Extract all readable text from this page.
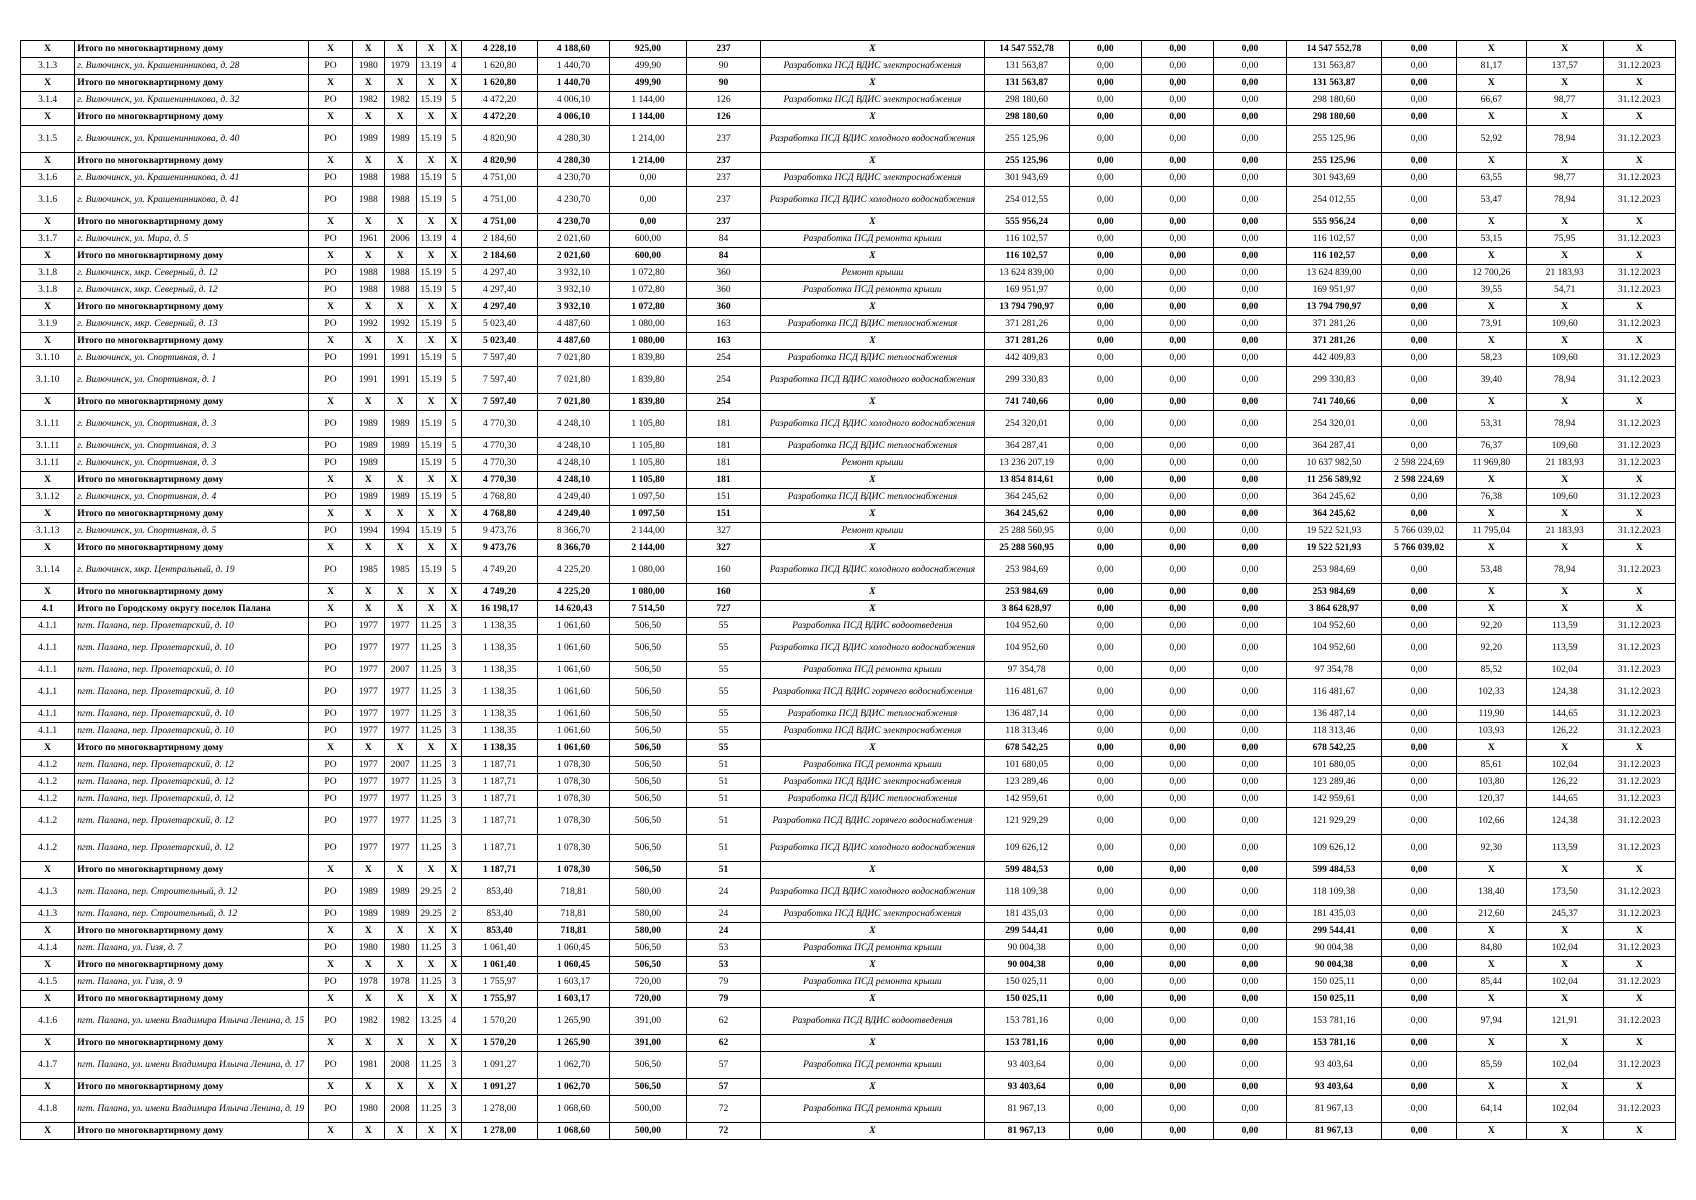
X	Итого по многоквартирному дому	X	X	X	X	X	4 228,10	4 188,60	925,00	237	X	14 547 552,78	0,00	0,00	0,00	14 547 552,78	0,00	X	X	X
3.1.3	г. Вилючинск, ул. Крашенинникова, д. 28	РО	1980	1979	13.19	4	1 620,80	1 440,70	499,90	90	Разработка ПСД ВДИС электроснабжения	131 563,87	0,00	0,00	0,00	131 563,87	0,00	81,17	137,57	31.12.2023
X	Итого по многоквартирному дому	X	X	X	X	X	1 620,80	1 440,70	499,90	90	X	131 563,87	0,00	0,00	0,00	131 563,87	0,00	X	X	X
3.1.4	г. Вилючинск, ул. Крашенинникова, д. 32	РО	1982	1982	15.19	5	4 472,20	4 006,10	1 144,00	126	Разработка ПСД ВДИС электроснабжения	298 180,60	0,00	0,00	0,00	298 180,60	0,00	66,67	98,77	31.12.2023
X	Итого по многоквартирному дому	X	X	X	X	X	4 472,20	4 006,10	1 144,00	126	X	298 180,60	0,00	0,00	0,00	298 180,60	0,00	X	X	X
3.1.5	г. Вилючинск, ул. Крашенинникова, д. 40	РО	1989	1989	15.19	5	4 820,90	4 280,30	1 214,00	237	Разработка ПСД ВДИС холодного водоснабжения	255 125,96	0,00	0,00	0,00	255 125,96	0,00	52,92	78,94	31.12.2023
X	Итого по многоквартирному дому	X	X	X	X	X	4 820,90	4 280,30	1 214,00	237	X	255 125,96	0,00	0,00	0,00	255 125,96	0,00	X	X	X
3.1.6	г. Вилючинск, ул. Крашенинникова, д. 41	РО	1988	1988	15.19	5	4 751,00	4 230,70	0,00	237	Разработка ПСД ВДИС электроснабжения	301 943,69	0,00	0,00	0,00	301 943,69	0,00	63,55	98,77	31.12.2023
3.1.6	г. Вилючинск, ул. Крашенинникова, д. 41	РО	1988	1988	15.19	5	4 751,00	4 230,70	0,00	237	Разработка ПСД ВДИС холодного водоснабжения	254 012,55	0,00	0,00	0,00	254 012,55	0,00	53,47	78,94	31.12.2023
X	Итого по многоквартирному дому	X	X	X	X	X	4 751,00	4 230,70	0,00	237	X	555 956,24	0,00	0,00	0,00	555 956,24	0,00	X	X	X
3.1.7	г. Вилючинск, ул. Мира, д. 5	РО	1961	2006	13.19	4	2 184,60	2 021,60	600,00	84	Разработка ПСД ремонта крыши	116 102,57	0,00	0,00	0,00	116 102,57	0,00	53,15	75,95	31.12.2023
X	Итого по многоквартирному дому	X	X	X	X	X	2 184,60	2 021,60	600,00	84	X	116 102,57	0,00	0,00	0,00	116 102,57	0,00	X	X	X
3.1.8	г. Вилючинск, мкр. Северный, д. 12	РО	1988	1988	15.19	5	4 297,40	3 932,10	1 072,80	360	Ремонт крыши	13 624 839,00	0,00	0,00	0,00	13 624 839,00	0,00	12 700,26	21 183,93	31.12.2023
3.1.8	г. Вилючинск, мкр. Северный, д. 12	РО	1988	1988	15.19	5	4 297,40	3 932,10	1 072,80	360	Разработка ПСД ремонта крыши	169 951,97	0,00	0,00	0,00	169 951,97	0,00	39,55	54,71	31.12.2023
X	Итого по многоквартирному дому	X	X	X	X	X	4 297,40	3 932,10	1 072,80	360	X	13 794 790,97	0,00	0,00	0,00	13 794 790,97	0,00	X	X	X
3.1.9	г. Вилючинск, мкр. Северный, д. 13	РО	1992	1992	15.19	5	5 023,40	4 487,60	1 080,00	163	Разработка ПСД ВДИС теплоснабжения	371 281,26	0,00	0,00	0,00	371 281,26	0,00	73,91	109,60	31.12.2023
X	Итого по многоквартирному дому	X	X	X	X	X	5 023,40	4 487,60	1 080,00	163	X	371 281,26	0,00	0,00	0,00	371 281,26	0,00	X	X	X
3.1.10	г. Вилючинск, ул. Спортивная, д. 1	РО	1991	1991	15.19	5	7 597,40	7 021,80	1 839,80	254	Разработка ПСД ВДИС теплоснабжения	442 409,83	0,00	0,00	0,00	442 409,83	0,00	58,23	109,60	31.12.2023
3.1.10	г. Вилючинск, ул. Спортивная, д. 1	РО	1991	1991	15.19	5	7 597,40	7 021,80	1 839,80	254	Разработка ПСД ВДИС холодного водоснабжения	299 330,83	0,00	0,00	0,00	299 330,83	0,00	39,40	78,94	31.12.2023
X	Итого по многоквартирному дому	X	X	X	X	X	7 597,40	7 021,80	1 839,80	254	X	741 740,66	0,00	0,00	0,00	741 740,66	0,00	X	X	X
3.1.11	г. Вилючинск, ул. Спортивная, д. 3	РО	1989	1989	15.19	5	4 770,30	4 248,10	1 105,80	181	Разработка ПСД ВДИС холодного водоснабжения	254 320,01	0,00	0,00	0,00	254 320,01	0,00	53,31	78,94	31.12.2023
3.1.11	г. Вилючинск, ул. Спортивная, д. 3	РО	1989	1989	15.19	5	4 770,30	4 248,10	1 105,80	181	Разработка ПСД ВДИС теплоснабжения	364 287,41	0,00	0,00	0,00	364 287,41	0,00	76,37	109,60	31.12.2023
3.1.11	г. Вилючинск, ул. Спортивная, д. 3	РО	1989		15.19	5	4 770,30	4 248,10	1 105,80	181	Ремонт крыши	13 236 207,19	0,00	0,00	0,00	10 637 982,50	2 598 224,69	11 969,80	21 183,93	31.12.2023
X	Итого по многоквартирному дому	X	X	X	X	X	4 770,30	4 248,10	1 105,80	181	X	13 854 814,61	0,00	0,00	0,00	11 256 589,92	2 598 224,69	X	X	X
3.1.12	г. Вилючинск, ул. Спортивная, д. 4	РО	1989	1989	15.19	5	4 768,80	4 249,40	1 097,50	151	Разработка ПСД ВДИС теплоснабжения	364 245,62	0,00	0,00	0,00	364 245,62	0,00	76,38	109,60	31.12.2023
X	Итого по многоквартирному дому	X	X	X	X	X	4 768,80	4 249,40	1 097,50	151	X	364 245,62	0,00	0,00	0,00	364 245,62	0,00	X	X	X
3.1.13	г. Вилючинск, ул. Спортивная, д. 5	РО	1994	1994	15.19	5	9 473,76	8 366,70	2 144,00	327	Ремонт крыши	25 288 560,95	0,00	0,00	0,00	19 522 521,93	5 766 039,02	11 795,04	21 183,93	31.12.2023
X	Итого по многоквартирному дому	X	X	X	X	X	9 473,76	8 366,70	2 144,00	327	X	25 288 560,95	0,00	0,00	0,00	19 522 521,93	5 766 039,02	X	X	X
3.1.14	г. Вилючинск, мкр. Центральный, д. 19	РО	1985	1985	15.19	5	4 749,20	4 225,20	1 080,00	160	Разработка ПСД ВДИС холодного водоснабжения	253 984,69	0,00	0,00	0,00	253 984,69	0,00	53,48	78,94	31.12.2023
X	Итого по многоквартирному дому	X	X	X	X	X	4 749,20	4 225,20	1 080,00	160	X	253 984,69	0,00	0,00	0,00	253 984,69	0,00	X	X	X
4.1	Итого по Городскому округу поселок Палана	X	X	X	X	X	16 198,17	14 620,43	7 514,50	727	X	3 864 628,97	0,00	0,00	0,00	3 864 628,97	0,00	X	X	X
4.1.1	пгт. Палана, пер. Пролетарский, д. 10	РО	1977	1977	11.25	3	1 138,35	1 061,60	506,50	55	Разработка ПСД ВДИС водоотведения	104 952,60	0,00	0,00	0,00	104 952,60	0,00	92,20	113,59	31.12.2023
4.1.1	пгт. Палана, пер. Пролетарский, д. 10	РО	1977	1977	11.25	3	1 138,35	1 061,60	506,50	55	Разработка ПСД ВДИС холодного водоснабжения	104 952,60	0,00	0,00	0,00	104 952,60	0,00	92,20	113,59	31.12.2023
4.1.1	пгт. Палана, пер. Пролетарский, д. 10	РО	1977	2007	11.25	3	1 138,35	1 061,60	506,50	55	Разработка ПСД ремонта крыши	97 354,78	0,00	0,00	0,00	97 354,78	0,00	85,52	102,04	31.12.2023
4.1.1	пгт. Палана, пер. Пролетарский, д. 10	РО	1977	1977	11.25	3	1 138,35	1 061,60	506,50	55	Разработка ПСД ВДИС горячего водоснабжения	116 481,67	0,00	0,00	0,00	116 481,67	0,00	102,33	124,38	31.12.2023
4.1.1	пгт. Палана, пер. Пролетарский, д. 10	РО	1977	1977	11.25	3	1 138,35	1 061,60	506,50	55	Разработка ПСД ВДИС теплоснабжения	136 487,14	0,00	0,00	0,00	136 487,14	0,00	119,90	144,65	31.12.2023
4.1.1	пгт. Палана, пер. Пролетарский, д. 10	РО	1977	1977	11.25	3	1 138,35	1 061,60	506,50	55	Разработка ПСД ВДИС электроснабжения	118 313,46	0,00	0,00	0,00	118 313,46	0,00	103,93	126,22	31.12.2023
X	Итого по многоквартирному дому	X	X	X	X	X	1 138,35	1 061,60	506,50	55	X	678 542,25	0,00	0,00	0,00	678 542,25	0,00	X	X	X
4.1.2	пгт. Палана, пер. Пролетарский, д. 12	РО	1977	2007	11.25	3	1 187,71	1 078,30	506,50	51	Разработка ПСД ремонта крыши	101 680,05	0,00	0,00	0,00	101 680,05	0,00	85,61	102,04	31.12.2023
4.1.2	пгт. Палана, пер. Пролетарский, д. 12	РО	1977	1977	11.25	3	1 187,71	1 078,30	506,50	51	Разработка ПСД ВДИС электроснабжения	123 289,46	0,00	0,00	0,00	123 289,46	0,00	103,80	126,22	31.12.2023
4.1.2	пгт. Палана, пер. Пролетарский, д. 12	РО	1977	1977	11.25	3	1 187,71	1 078,30	506,50	51	Разработка ПСД ВДИС теплоснабжения	142 959,61	0,00	0,00	0,00	142 959,61	0,00	120,37	144,65	31.12.2023
4.1.2	пгт. Палана, пер. Пролетарский, д. 12	РО	1977	1977	11.25	3	1 187,71	1 078,30	506,50	51	Разработка ПСД ВДИС горячего водоснабжения	121 929,29	0,00	0,00	0,00	121 929,29	0,00	102,66	124,38	31.12.2023
4.1.2	пгт. Палана, пер. Пролетарский, д. 12	РО	1977	1977	11.25	3	1 187,71	1 078,30	506,50	51	Разработка ПСД ВДИС холодного водоснабжения	109 626,12	0,00	0,00	0,00	109 626,12	0,00	92,30	113,59	31.12.2023
X	Итого по многоквартирному дому	X	X	X	X	X	1 187,71	1 078,30	506,50	51	X	599 484,53	0,00	0,00	0,00	599 484,53	0,00	X	X	X
4.1.3	пгт. Палана, пер. Строительный, д. 12	РО	1989	1989	29.25	2	853,40	718,81	580,00	24	Разработка ПСД ВДИС холодного водоснабжения	118 109,38	0,00	0,00	0,00	118 109,38	0,00	138,40	173,50	31.12.2023
4.1.3	пгт. Палана, пер. Строительный, д. 12	РО	1989	1989	29.25	2	853,40	718,81	580,00	24	Разработка ПСД ВДИС электроснабжения	181 435,03	0,00	0,00	0,00	181 435,03	0,00	212,60	245,37	31.12.2023
X	Итого по многоквартирному дому	X	X	X	X	X	853,40	718,81	580,00	24	X	299 544,41	0,00	0,00	0,00	299 544,41	0,00	X	X	X
4.1.4	пгт. Палана, ул. Гизя, д. 7	РО	1980	1980	11.25	3	1 061,40	1 060,45	506,50	53	Разработка ПСД ремонта крыши	90 004,38	0,00	0,00	0,00	90 004,38	0,00	84,80	102,04	31.12.2023
X	Итого по многоквартирному дому	X	X	X	X	X	1 061,40	1 060,45	506,50	53	X	90 004,38	0,00	0,00	0,00	90 004,38	0,00	X	X	X
4.1.5	пгт. Палана, ул. Гизя, д. 9	РО	1978	1978	11.25	3	1 755,97	1 603,17	720,00	79	Разработка ПСД ремонта крыши	150 025,11	0,00	0,00	0,00	150 025,11	0,00	85,44	102,04	31.12.2023
X	Итого по многоквартирному дому	X	X	X	X	X	1 755,97	1 603,17	720,00	79	X	150 025,11	0,00	0,00	0,00	150 025,11	0,00	X	X	X
4.1.6	пгт. Палана, ул. имени Владимира Ильича Ленина, д. 15	РО	1982	1982	13.25	4	1 570,20	1 265,90	391,00	62	Разработка ПСД ВДИС водоотведения	153 781,16	0,00	0,00	0,00	153 781,16	0,00	97,94	121,91	31.12.2023
X	Итого по многоквартирному дому	X	X	X	X	X	1 570,20	1 265,90	391,00	62	X	153 781,16	0,00	0,00	0,00	153 781,16	0,00	X	X	X
4.1.7	пгт. Палана, ул. имени Владимира Ильича Ленина, д. 17	РО	1981	2008	11.25	3	1 091,27	1 062,70	506,50	57	Разработка ПСД ремонта крыши	93 403,64	0,00	0,00	0,00	93 403,64	0,00	85,59	102,04	31.12.2023
X	Итого по многоквартирному дому	X	X	X	X	X	1 091,27	1 062,70	506,50	57	X	93 403,64	0,00	0,00	0,00	93 403,64	0,00	X	X	X
4.1.8	пгт. Палана, ул. имени Владимира Ильича Ленина, д. 19	РО	1980	2008	11.25	3	1 278,00	1 068,60	500,00	72	Разработка ПСД ремонта крыши	81 967,13	0,00	0,00	0,00	81 967,13	0,00	64,14	102,04	31.12.2023
X	Итого по многоквартирному дому	X	X	X	X	X	1 278,00	1 068,60	500,00	72	X	81 967,13	0,00	0,00	0,00	81 967,13	0,00	X	X	X
